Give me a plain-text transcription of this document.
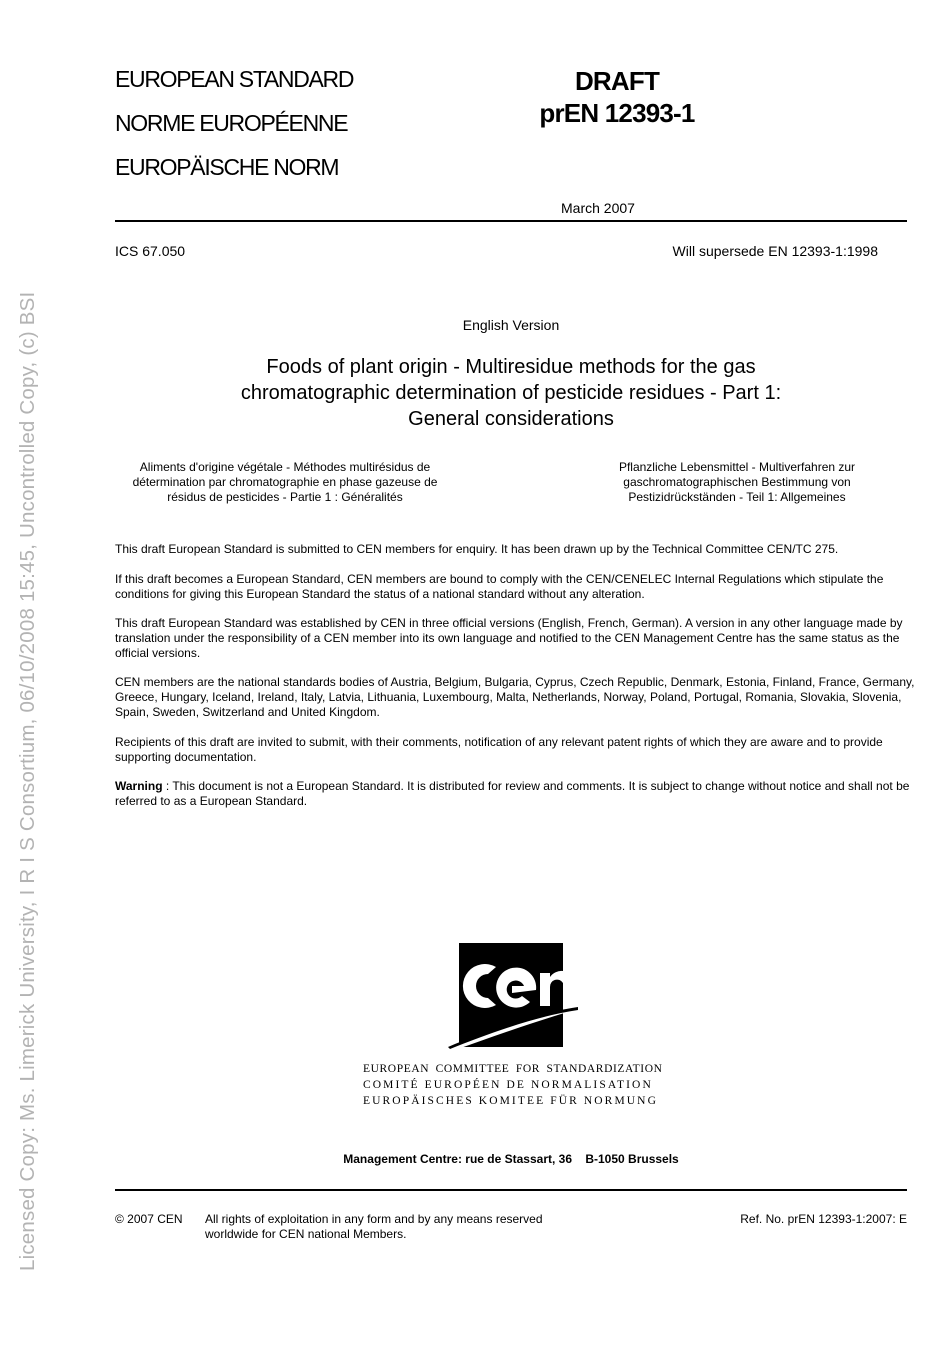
Licensed Copy: Ms. Limerick University, I R I S Consortium, 06/10/2008 15:45, Uncontrolled Copy, (c) BSI
EUROPEAN STANDARD
NORME EUROPÉENNE
EUROPÄISCHE NORM
DRAFT
prEN 12393-1
March 2007
ICS 67.050	Will supersede EN 12393-1:1998
English Version
Foods of plant origin - Multiresidue methods for the gas
chromatographic determination of pesticide residues - Part 1:
General considerations
Aliments d'origine végétale - Méthodes multirésidus de
détermination par chromatographie en phase gazeuse de
résidus de pesticides - Partie 1 : Généralités
Pflanzliche Lebensmittel - Multiverfahren zur
gaschromatographischen Bestimmung von
Pestizidrückständen - Teil 1: Allgemeines
This draft European Standard is submitted to CEN members for enquiry. It has been drawn up by the Technical Committee CEN/TC 275.
If this draft becomes a European Standard, CEN members are bound to comply with the CEN/CENELEC Internal Regulations which stipulate the conditions for giving this European Standard the status of a national standard without any alteration.
This draft European Standard was established by CEN in three official versions (English, French, German). A version in any other language made by translation under the responsibility of a CEN member into its own language and notified to the CEN Management Centre has the same status as the official versions.
CEN members are the national standards bodies of Austria, Belgium, Bulgaria, Cyprus, Czech Republic, Denmark, Estonia, Finland, France, Germany, Greece, Hungary, Iceland, Ireland, Italy, Latvia, Lithuania, Luxembourg, Malta, Netherlands, Norway, Poland, Portugal, Romania, Slovakia, Slovenia, Spain, Sweden, Switzerland and United Kingdom.
Recipients of this draft are invited to submit, with their comments, notification of any relevant patent rights of which they are aware and to provide supporting documentation.
Warning : This document is not a European Standard. It is distributed for review and comments. It is subject to change without notice and shall not be referred to as a European Standard.
EUROPEAN COMMITTEE FOR STANDARDIZATION
COMITÉ EUROPÉEN DE NORMALISATION
EUROPÄISCHES KOMITEE FÜR NORMUNG
Management Centre: rue de Stassart, 36    B-1050 Brussels
© 2007 CEN All rights of exploitation in any form and by any means reserved
worldwide for CEN national Members.
Ref. No. prEN 12393-1:2007: E
